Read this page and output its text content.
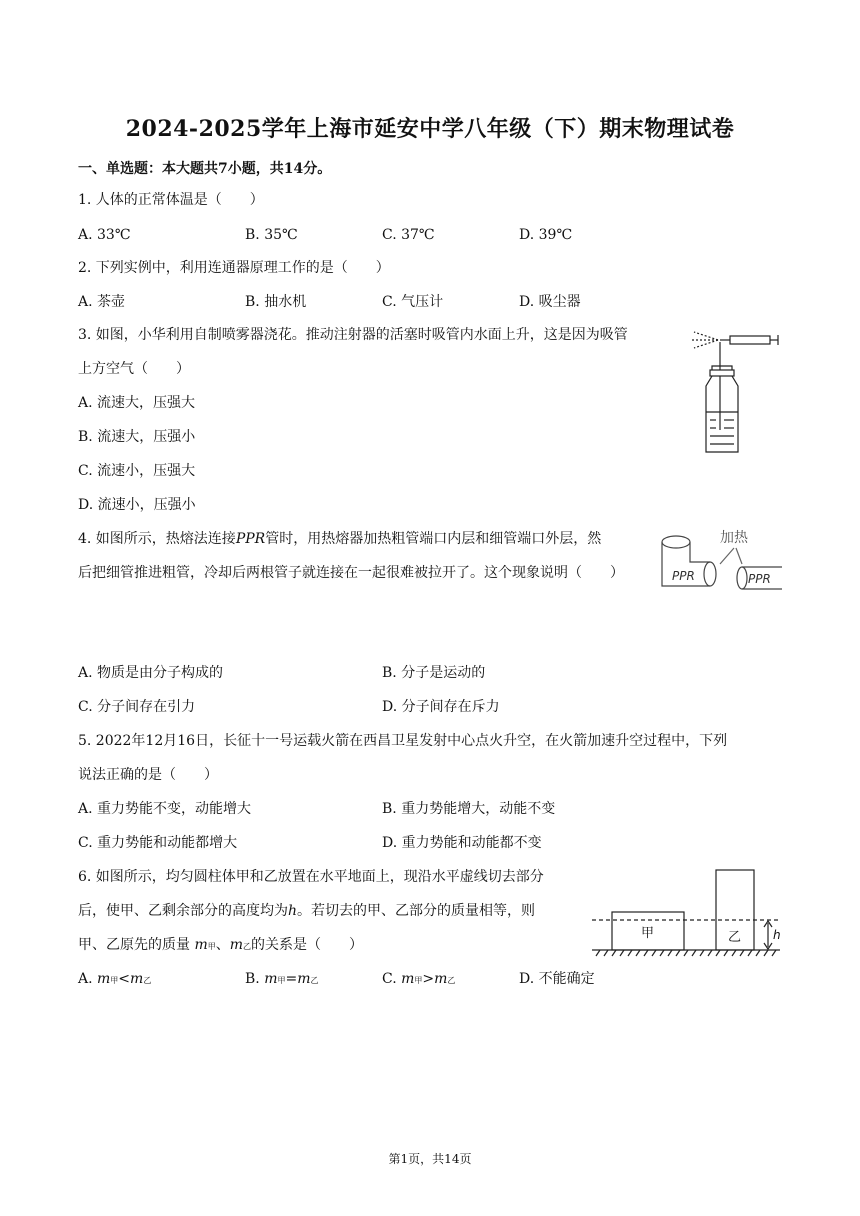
2024-2025学年上海市延安中学八年级（下）期末物理试卷
一、单选题：本大题共7小题，共14分。
1. 人体的正常体温是（　　）
A. 33℃	B. 35℃	C. 37℃	D. 39℃
2. 下列实例中，利用连通器原理工作的是（　　）
A. 茶壶	B. 抽水机	C. 气压计	D. 吸尘器
3. 如图，小华利用自制喷雾器浇花。推动注射器的活塞时吸管内水面上升，这是因为吸管
上方空气（　　）
A. 流速大，压强大
B. 流速大，压强小
C. 流速小，压强大
D. 流速小，压强小
4. 如图所示，热熔法连接PPR管时，用热熔器加热粗管端口内层和细管端口外层，然
后把细管推进粗管，冷却后两根管子就连接在一起很难被拉开了。这个现象说明（　　）
A. 物质是由分子构成的	B. 分子是运动的
C. 分子间存在引力	D. 分子间存在斥力
加热
PPR	PPR
5. 2022年12月16日，长征十一号运载火箭在西昌卫星发射中心点火升空，在火箭加速升空过程中，下列
说法正确的是（　　）
A. 重力势能不变，动能增大	B. 重力势能增大，动能不变
C. 重力势能和动能都增大	D. 重力势能和动能都不变
6. 如图所示，均匀圆柱体甲和乙放置在水平地面上，现沿水平虚线切去部分
后，使甲、乙剩余部分的高度均为h。若切去的甲、乙部分的质量相等，则
甲、乙原先的质量 m甲、m乙的关系是（　　）
A. m甲<m乙	B. m甲=m乙	C. m甲>m乙	D. 不能确定
甲	乙	h
第1页，共14页
